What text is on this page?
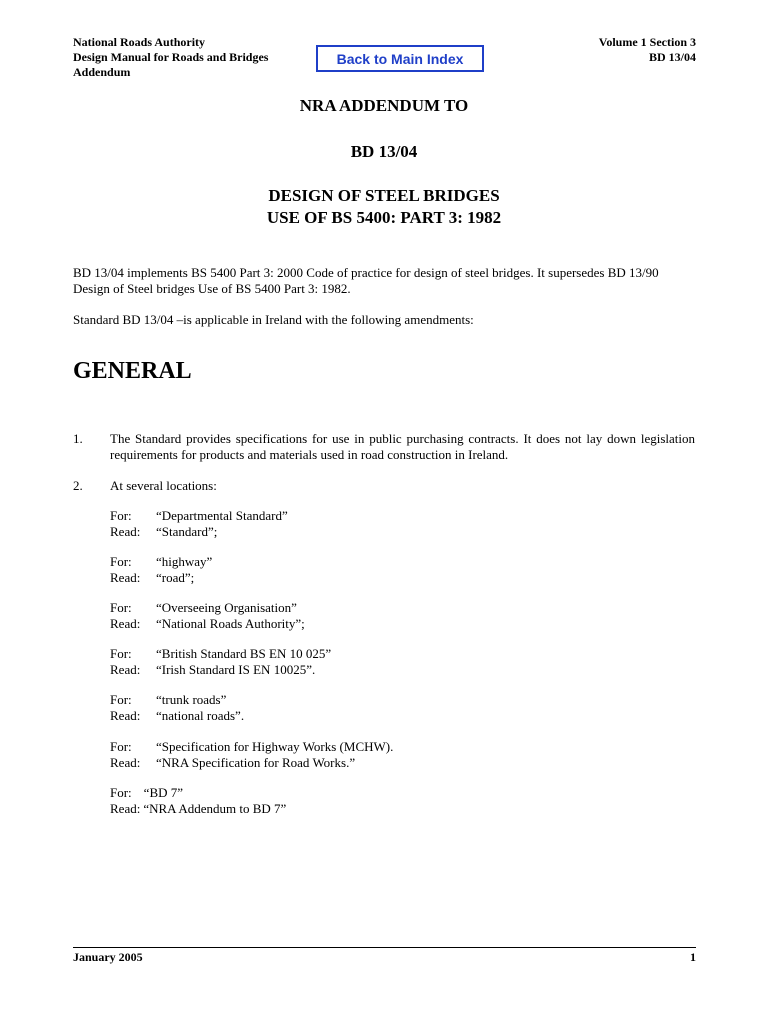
National Roads Authority
Design Manual for Roads and Bridges
Addendum
Back to Main Index
Volume 1 Section 3
BD 13/04
NRA ADDENDUM TO
BD 13/04
DESIGN OF STEEL BRIDGES
USE OF BS 5400: PART 3: 1982
BD 13/04 implements BS 5400 Part 3: 2000 Code of practice for design of steel bridges. It supersedes BD 13/90 Design of Steel bridges Use of BS 5400 Part 3: 1982.
Standard BD 13/04 –is applicable in Ireland with the following amendments:
GENERAL
1. The Standard provides specifications for use in public purchasing contracts. It does not lay down legislation requirements for products and materials used in road construction in Ireland.
2. At several locations:
For:	“Departmental Standard”
Read:	“Standard”;
For:	“highway”
Read:	“road”;
For:	“Overseeing Organisation”
Read:	“National Roads Authority”;
For:	“British Standard BS EN 10 025”
Read:	“Irish Standard IS EN 10025”.
For:	“trunk roads”
Read:	“national roads”.
For:	“Specification for Highway Works (MCHW).
Read:	“NRA Specification for Road Works.”
For: “BD 7”
Read: “NRA Addendum to BD 7”
January 2005	1
